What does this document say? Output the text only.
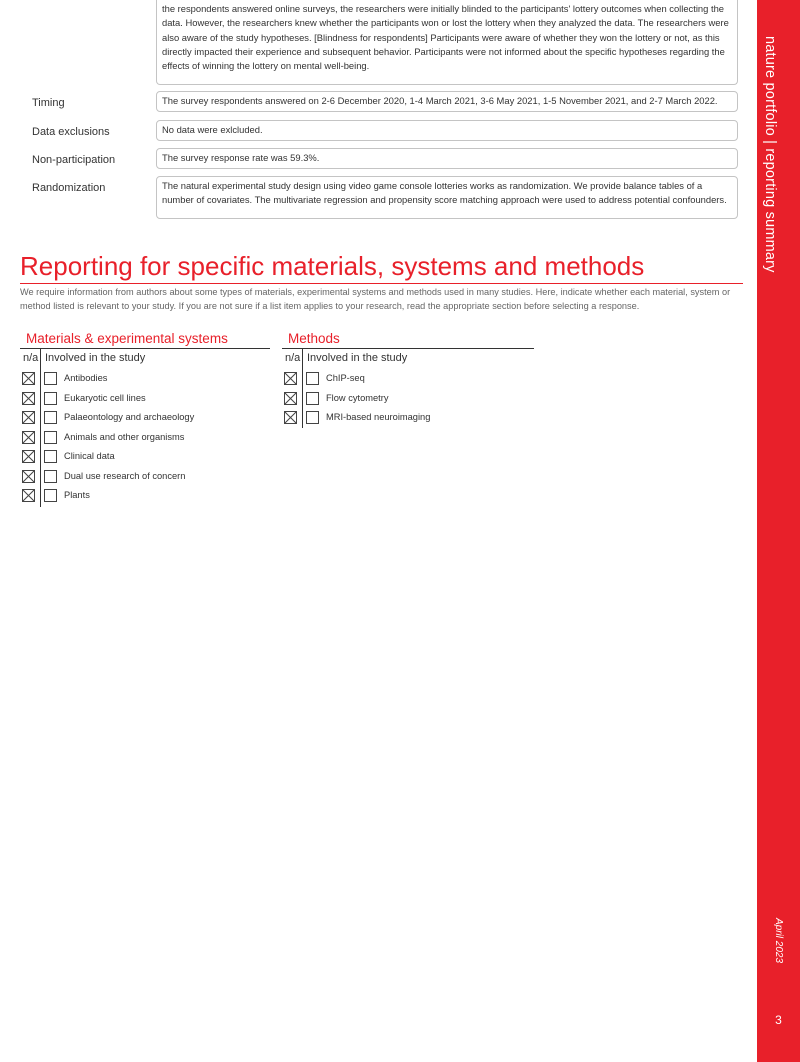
nature portfolio | reporting summary
April 2023
3
the respondents answered online surveys, the researchers were initially blinded to the participants' lottery outcomes when collecting the data. However, the researchers knew whether the participants won or lost the lottery when they analyzed the data. The researchers were also aware of the study hypotheses. [Blindness for respondents] Participants were aware of whether they won the lottery or not, as this directly impacted their experience and subsequent behavior. Participants were not informed about the specific hypotheses regarding the effects of winning the lottery on mental well-being.
Timing	The survey respondents answered on 2-6 December 2020, 1-4 March 2021, 3-6 May 2021, 1-5 November 2021, and 2-7 March 2022.
Data exclusions	No data were exlcluded.
Non-participation	The survey response rate was 59.3%.
Randomization	The natural experimental study design using video game console lotteries works as randomization. We provide balance tables of a number of covariates. The multivariate regression and propensity score matching approach were used to address potential confounders.
Reporting for specific materials, systems and methods
We require information from authors about some types of materials, experimental systems and methods used in many studies. Here, indicate whether each material, system or method listed is relevant to your study. If you are not sure if a list item applies to your research, read the appropriate section before selecting a response.
Materials & experimental systems
n/a Involved in the study
Antibodies
Eukaryotic cell lines
Palaeontology and archaeology
Animals and other organisms
Clinical data
Dual use research of concern
Plants
Methods
n/a Involved in the study
ChIP-seq
Flow cytometry
MRI-based neuroimaging
